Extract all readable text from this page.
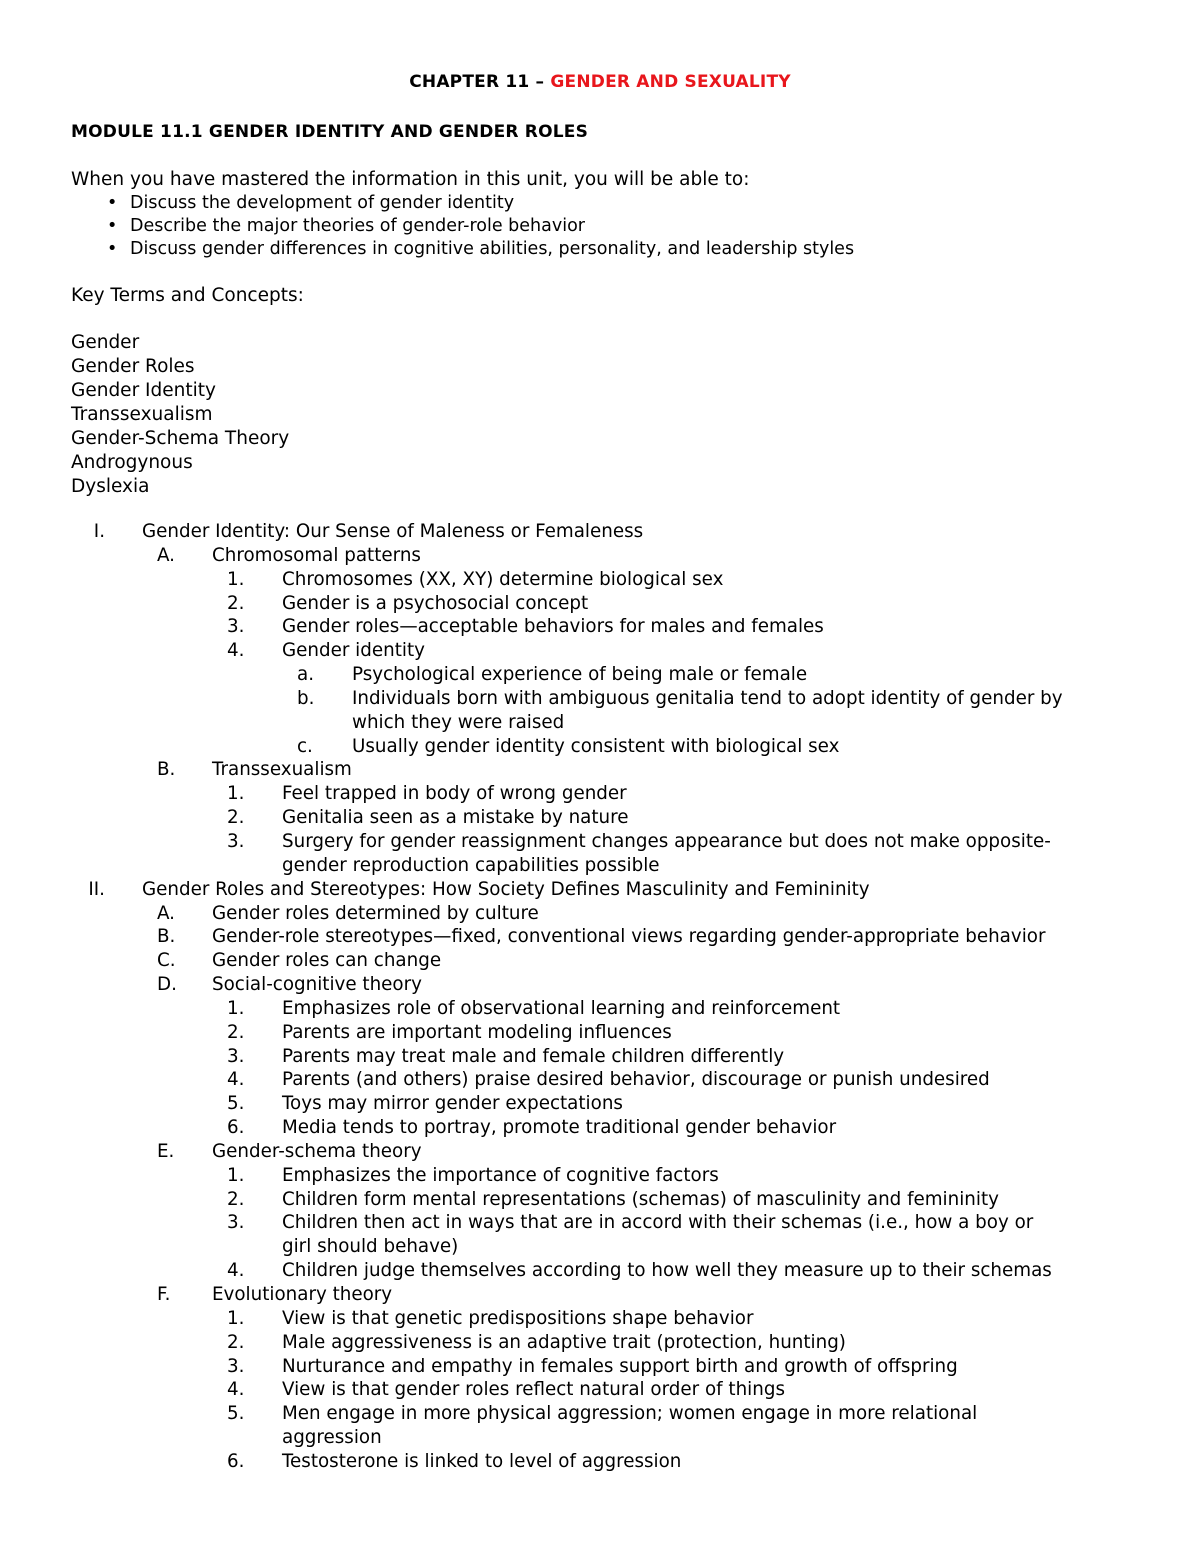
CHAPTER 11 – GENDER AND SEXUALITY
MODULE 11.1 GENDER IDENTITY AND GENDER ROLES
When you have mastered the information in this unit, you will be able to:
• Discuss the development of gender identity
• Describe the major theories of gender-role behavior
• Discuss gender differences in cognitive abilities, personality, and leadership styles
Key Terms and Concepts:
Gender
Gender Roles
Gender Identity
Transsexualism
Gender-Schema Theory
Androgynous
Dyslexia
I. Gender Identity: Our Sense of Maleness or Femaleness
A. Chromosomal patterns
1. Chromosomes (XX, XY) determine biological sex
2. Gender is a psychosocial concept
3. Gender roles—acceptable behaviors for males and females
4. Gender identity
a. Psychological experience of being male or female
b. Individuals born with ambiguous genitalia tend to adopt identity of gender by
which they were raised
c. Usually gender identity consistent with biological sex
B. Transsexualism
1. Feel trapped in body of wrong gender
2. Genitalia seen as a mistake by nature
3. Surgery for gender reassignment changes appearance but does not make opposite-
gender reproduction capabilities possible
II. Gender Roles and Stereotypes: How Society Defines Masculinity and Femininity
A. Gender roles determined by culture
B. Gender-role stereotypes—fixed, conventional views regarding gender-appropriate behavior
C. Gender roles can change
D. Social-cognitive theory
1. Emphasizes role of observational learning and reinforcement
2. Parents are important modeling influences
3. Parents may treat male and female children differently
4. Parents (and others) praise desired behavior, discourage or punish undesired
5. Toys may mirror gender expectations
6. Media tends to portray, promote traditional gender behavior
E. Gender-schema theory
1. Emphasizes the importance of cognitive factors
2. Children form mental representations (schemas) of masculinity and femininity
3. Children then act in ways that are in accord with their schemas (i.e., how a boy or
girl should behave)
4. Children judge themselves according to how well they measure up to their schemas
F. Evolutionary theory
1. View is that genetic predispositions shape behavior
2. Male aggressiveness is an adaptive trait (protection, hunting)
3. Nurturance and empathy in females support birth and growth of offspring
4. View is that gender roles reflect natural order of things
5. Men engage in more physical aggression; women engage in more relational
aggression
6. Testosterone is linked to level of aggression
